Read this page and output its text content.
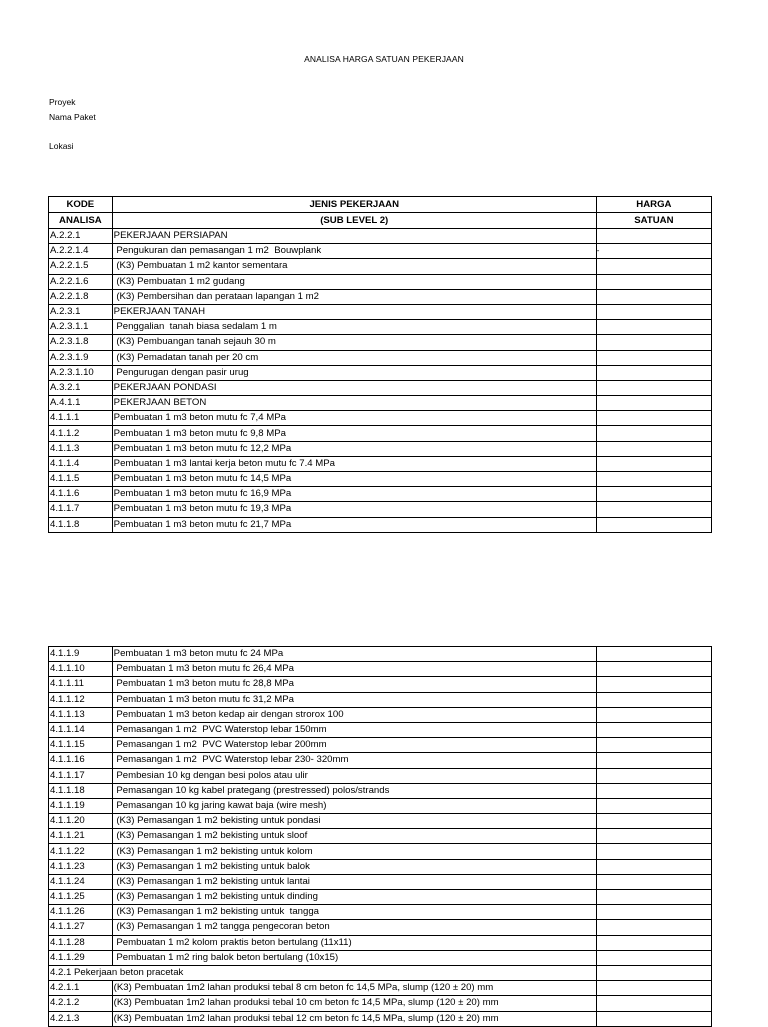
ANALISA HARGA SATUAN PEKERJAAN
Proyek
Nama Paket
Lokasi
KODE	JENIS PEKERJAAN	HARGA
ANALISA	(SUB LEVEL 2)	SATUAN
A.2.2.1	PEKERJAAN PERSIAPAN	
A.2.2.1.4	Pengukuran dan pemasangan 1 m2  Bouwplank	-
A.2.2.1.5	(K3) Pembuatan 1 m2 kantor sementara	
A.2.2.1.6	(K3) Pembuatan 1 m2 gudang	
A.2.2.1.8	(K3) Pembersihan dan perataan lapangan 1 m2	
A.2.3.1	PEKERJAAN TANAH	
A.2.3.1.1	Penggalian  tanah biasa sedalam 1 m	
A.2.3.1.8	(K3) Pembuangan tanah sejauh 30 m	
A.2.3.1.9	(K3) Pemadatan tanah per 20 cm	
A.2.3.1.10	Pengurugan dengan pasir urug	
A.3.2.1	PEKERJAAN PONDASI	
A.4.1.1	PEKERJAAN BETON	
4.1.1.1	Pembuatan 1 m3 beton mutu fc 7,4 MPa	
4.1.1.2	Pembuatan 1 m3 beton mutu fc 9,8 MPa	
4.1.1.3	Pembuatan 1 m3 beton mutu fc 12,2 MPa	
4.1.1.4	Pembuatan 1 m3 lantai kerja beton mutu fc 7.4 MPa	
4.1.1.5	Pembuatan 1 m3 beton mutu fc 14,5 MPa	
4.1.1.6	Pembuatan 1 m3 beton mutu fc 16,9 MPa	
4.1.1.7	Pembuatan 1 m3 beton mutu fc 19,3 MPa	
4.1.1.8	Pembuatan 1 m3 beton mutu fc 21,7 MPa	
4.1.1.9	Pembuatan 1 m3 beton mutu fc 24 MPa	
4.1.1.10	Pembuatan 1 m3 beton mutu fc 26,4 MPa	
4.1.1.11	Pembuatan 1 m3 beton mutu fc 28,8 MPa	
4.1.1.12	Pembuatan 1 m3 beton mutu fc 31,2 MPa	
4.1.1.13	Pembuatan 1 m3 beton kedap air dengan strorox 100	
4.1.1.14	Pemasangan 1 m2  PVC Waterstop lebar 150mm	
4.1.1.15	Pemasangan 1 m2  PVC Waterstop lebar 200mm	
4.1.1.16	Pemasangan 1 m2  PVC Waterstop lebar 230- 320mm	
4.1.1.17	Pembesian 10 kg dengan besi polos atau ulir	
4.1.1.18	Pemasangan 10 kg kabel prategang (prestressed) polos/strands	
4.1.1.19	Pemasangan 10 kg jaring kawat baja (wire mesh)	
4.1.1.20	(K3) Pemasangan 1 m2 bekisting untuk pondasi	
4.1.1.21	(K3) Pemasangan 1 m2 bekisting untuk sloof	
4.1.1.22	(K3) Pemasangan 1 m2 bekisting untuk kolom	
4.1.1.23	(K3) Pemasangan 1 m2 bekisting untuk balok	
4.1.1.24	(K3) Pemasangan 1 m2 bekisting untuk lantai	
4.1.1.25	(K3) Pemasangan 1 m2 bekisting untuk dinding	
4.1.1.26	(K3) Pemasangan 1 m2 bekisting untuk  tangga	
4.1.1.27	(K3) Pemasangan 1 m2 tangga pengecoran beton	
4.1.1.28	Pembuatan 1 m2 kolom praktis beton bertulang (11x11)	
4.1.1.29	Pembuatan 1 m2 ring balok beton bertulang (10x15)	
4.2.1 Pekerjaan beton pracetak		
4.2.1.1	(K3) Pembuatan 1m2 lahan produksi tebal 8 cm beton fc 14,5 MPa, slump (120 ± 20) mm	
4.2.1.2	(K3) Pembuatan 1m2 lahan produksi tebal 10 cm beton fc 14,5 MPa, slump (120 ± 20) mm	
4.2.1.3	(K3) Pembuatan 1m2 lahan produksi tebal 12 cm beton fc 14,5 MPa, slump (120 ± 20) mm	
